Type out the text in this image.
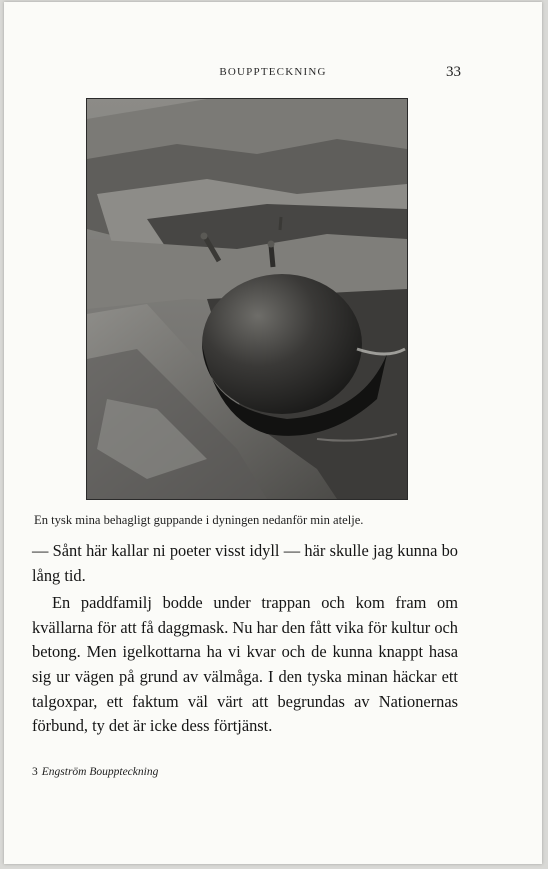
BOUPPTECKNING	33
En tysk mina behagligt guppande i dyningen nedanför min atelje.

— Sånt här kallar ni poeter visst idyll — här skulle jag kunna bo lång tid.

En paddfamilj bodde under trappan och kom fram om kvällarna för att få daggmask. Nu har den fått vika för kultur och betong. Men igelkottarna ha vi kvar och de kunna knappt hasa sig ur vägen på grund av välmåga. I den tyska minan häckar ett talgoxpar, ett faktum väl värt att begrundas av Nationernas förbund, ty det är icke dess förtjänst.

3 Engström Bouppteckning
